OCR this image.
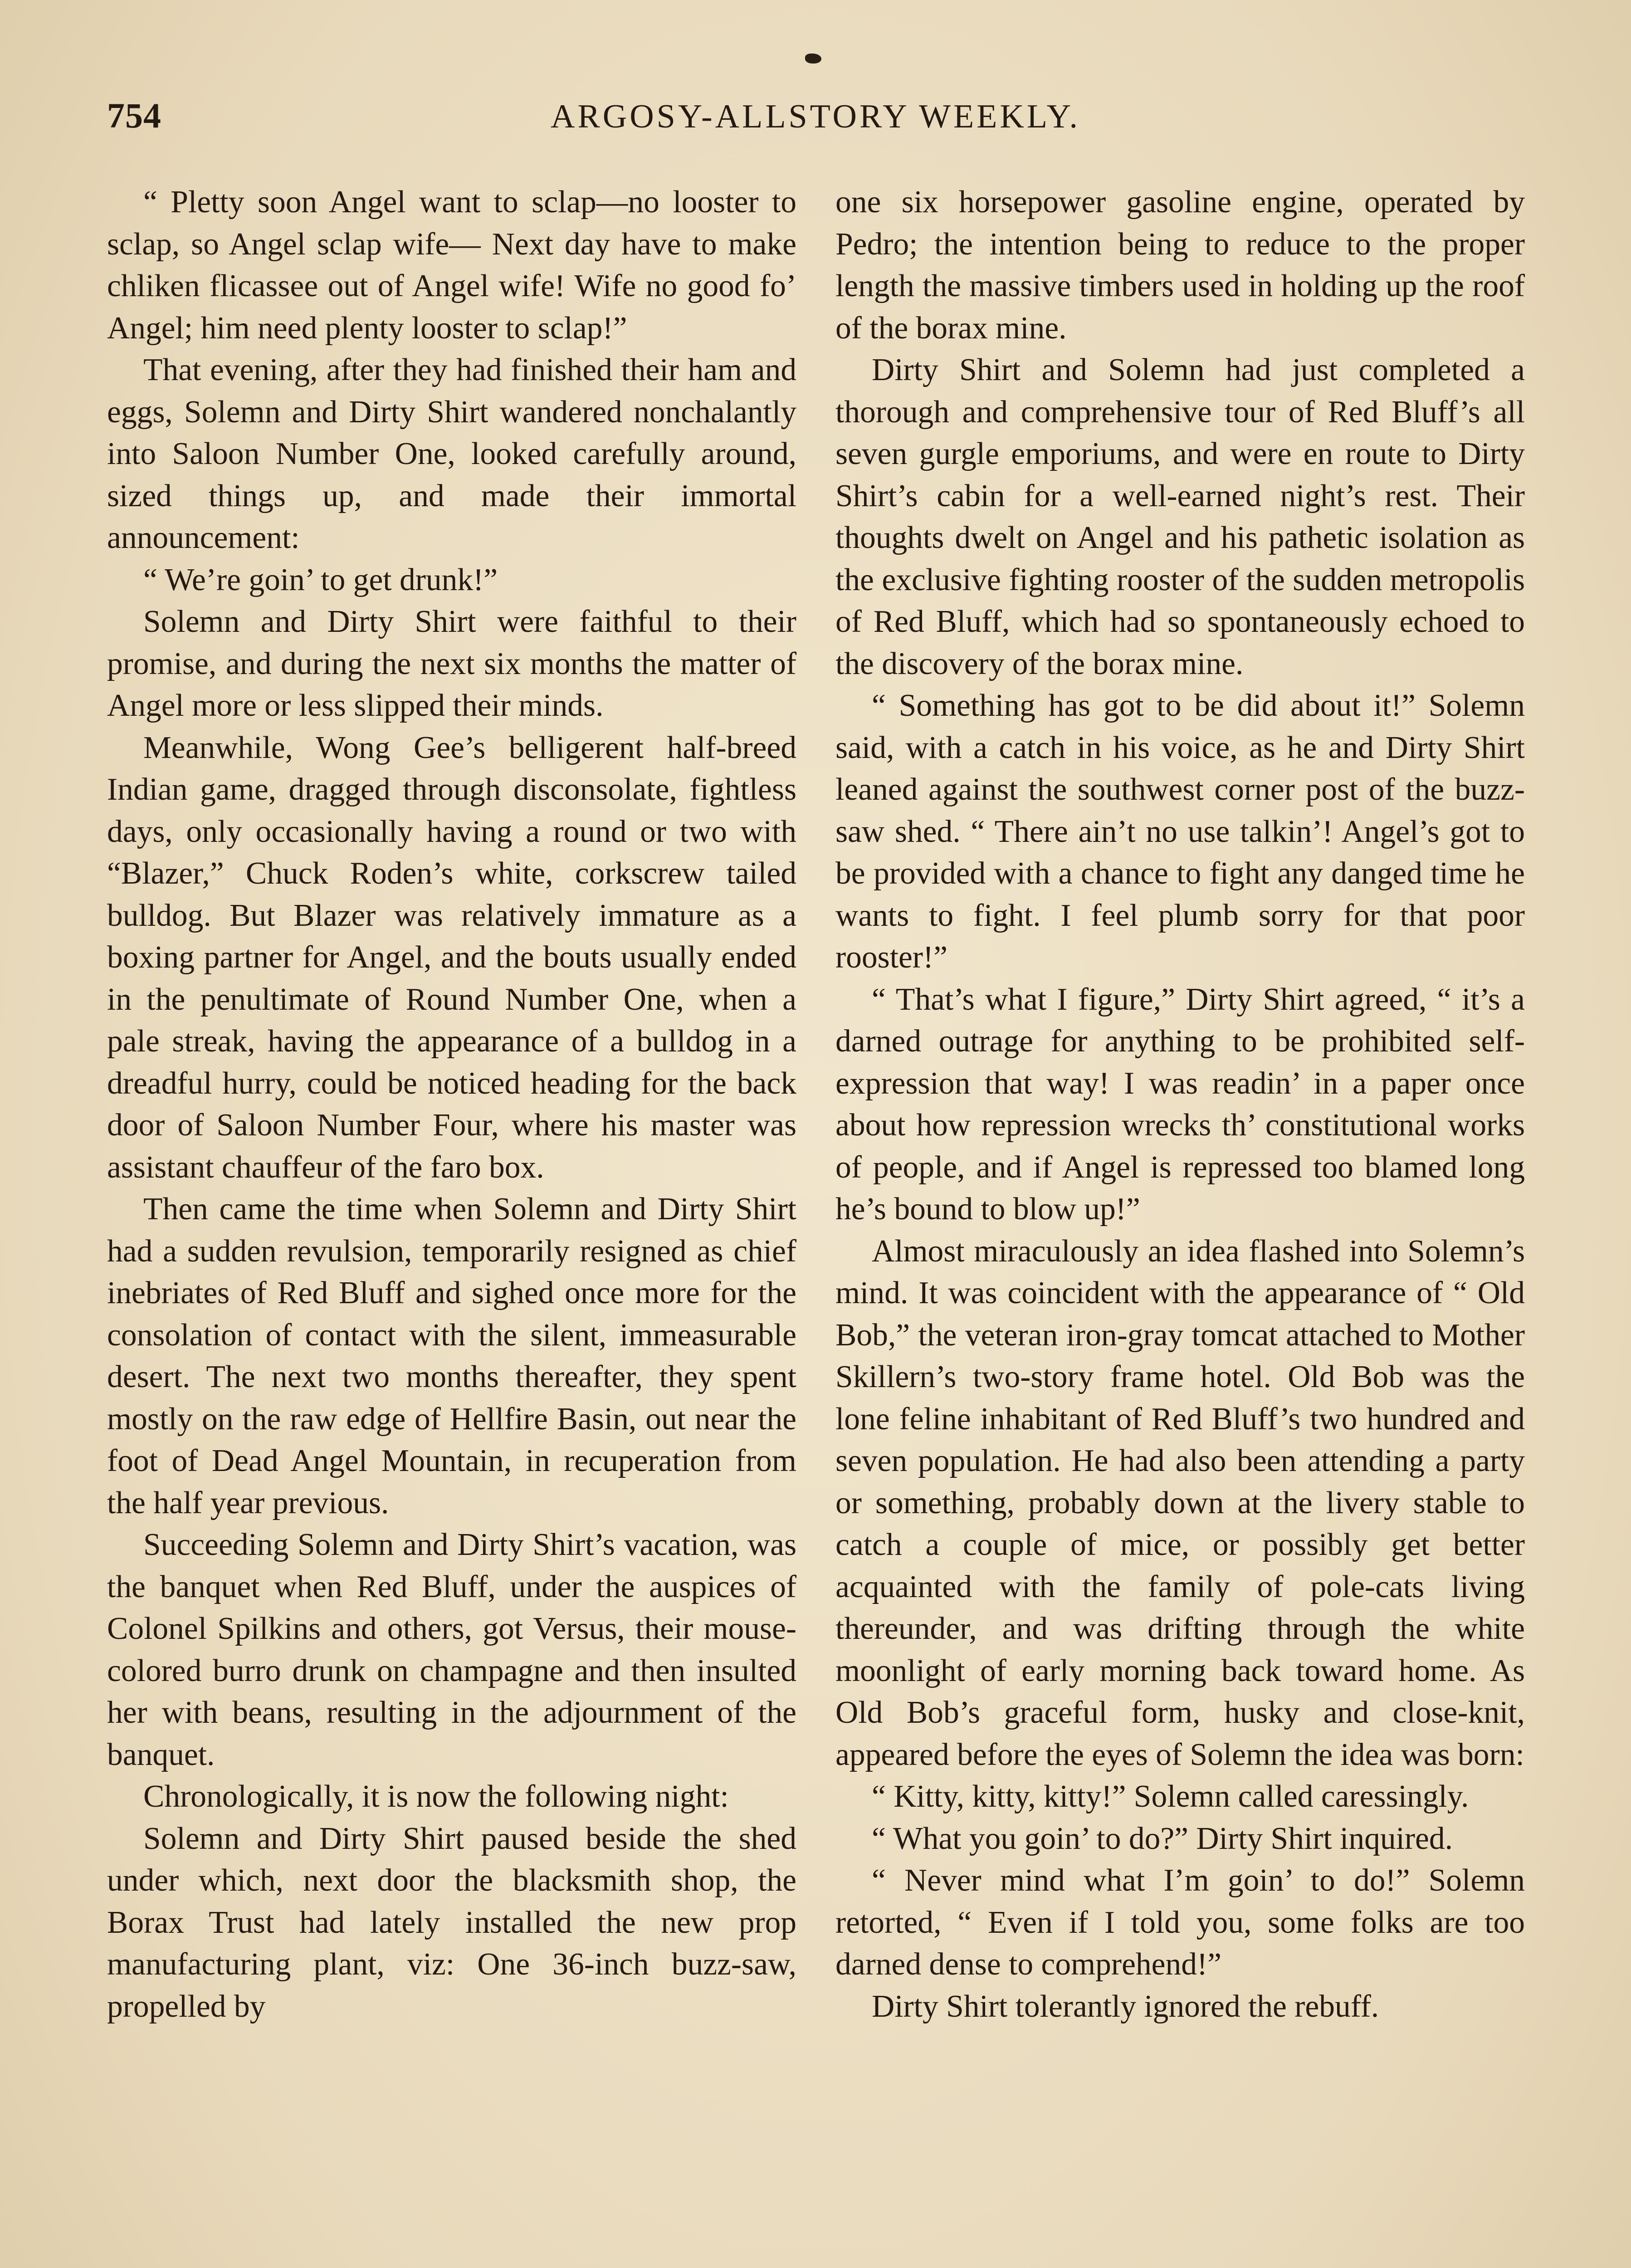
754	ARGOSY-ALLSTORY WEEKLY.

“ Pletty soon Angel want to sclap—no looster to sclap, so Angel sclap wife— Next day have to make chliken flicassee out of Angel wife! Wife no good fo’ Angel; him need plenty looster to sclap!”

That evening, after they had finished their ham and eggs, Solemn and Dirty Shirt wandered nonchalantly into Saloon Number One, looked carefully around, sized things up, and made their immortal announcement:

“ We’re goin’ to get drunk!”

Solemn and Dirty Shirt were faithful to their promise, and during the next six months the matter of Angel more or less slipped their minds.

Meanwhile, Wong Gee’s belligerent half-breed Indian game, dragged through disconsolate, fightless days, only occasionally having a round or two with “Blazer,” Chuck Roden’s white, corkscrew tailed bulldog. But Blazer was relatively immature as a boxing partner for Angel, and the bouts usually ended in the penultimate of Round Number One, when a pale streak, having the appearance of a bulldog in a dreadful hurry, could be noticed heading for the back door of Saloon Number Four, where his master was assistant chauffeur of the faro box.

Then came the time when Solemn and Dirty Shirt had a sudden revulsion, temporarily resigned as chief inebriates of Red Bluff and sighed once more for the consolation of contact with the silent, immeasurable desert. The next two months thereafter, they spent mostly on the raw edge of Hellfire Basin, out near the foot of Dead Angel Mountain, in recuperation from the half year previous.

Succeeding Solemn and Dirty Shirt’s vacation, was the banquet when Red Bluff, under the auspices of Colonel Spilkins and others, got Versus, their mouse-colored burro drunk on champagne and then insulted her with beans, resulting in the adjournment of the banquet.

Chronologically, it is now the following night:

Solemn and Dirty Shirt paused beside the shed under which, next door the blacksmith shop, the Borax Trust had lately installed the new prop manufacturing plant, viz: One 36-inch buzz-saw, propelled by

one six horsepower gasoline engine, operated by Pedro; the intention being to reduce to the proper length the massive timbers used in holding up the roof of the borax mine.

Dirty Shirt and Solemn had just completed a thorough and comprehensive tour of Red Bluff’s all seven gurgle emporiums, and were en route to Dirty Shirt’s cabin for a well-earned night’s rest. Their thoughts dwelt on Angel and his pathetic isolation as the exclusive fighting rooster of the sudden metropolis of Red Bluff, which had so spontaneously echoed to the discovery of the borax mine.

“ Something has got to be did about it!” Solemn said, with a catch in his voice, as he and Dirty Shirt leaned against the southwest corner post of the buzz-saw shed. “ There ain’t no use talkin’! Angel’s got to be provided with a chance to fight any danged time he wants to fight. I feel plumb sorry for that poor rooster!”

“ That’s what I figure,” Dirty Shirt agreed, “ it’s a darned outrage for anything to be prohibited self-expression that way! I was readin’ in a paper once about how repression wrecks th’ constitutional works of people, and if Angel is repressed too blamed long he’s bound to blow up!”

Almost miraculously an idea flashed into Solemn’s mind. It was coincident with the appearance of “ Old Bob,” the veteran iron-gray tomcat attached to Mother Skillern’s two-story frame hotel. Old Bob was the lone feline inhabitant of Red Bluff’s two hundred and seven population. He had also been attending a party or something, probably down at the livery stable to catch a couple of mice, or possibly get better acquainted with the family of pole-cats living thereunder, and was drifting through the white moonlight of early morning back toward home. As Old Bob’s graceful form, husky and close-knit, appeared before the eyes of Solemn the idea was born:

“ Kitty, kitty, kitty!” Solemn called caressingly.

“ What you goin’ to do?” Dirty Shirt inquired.

“ Never mind what I’m goin’ to do!” Solemn retorted, “ Even if I told you, some folks are too darned dense to comprehend!”

Dirty Shirt tolerantly ignored the rebuff.
